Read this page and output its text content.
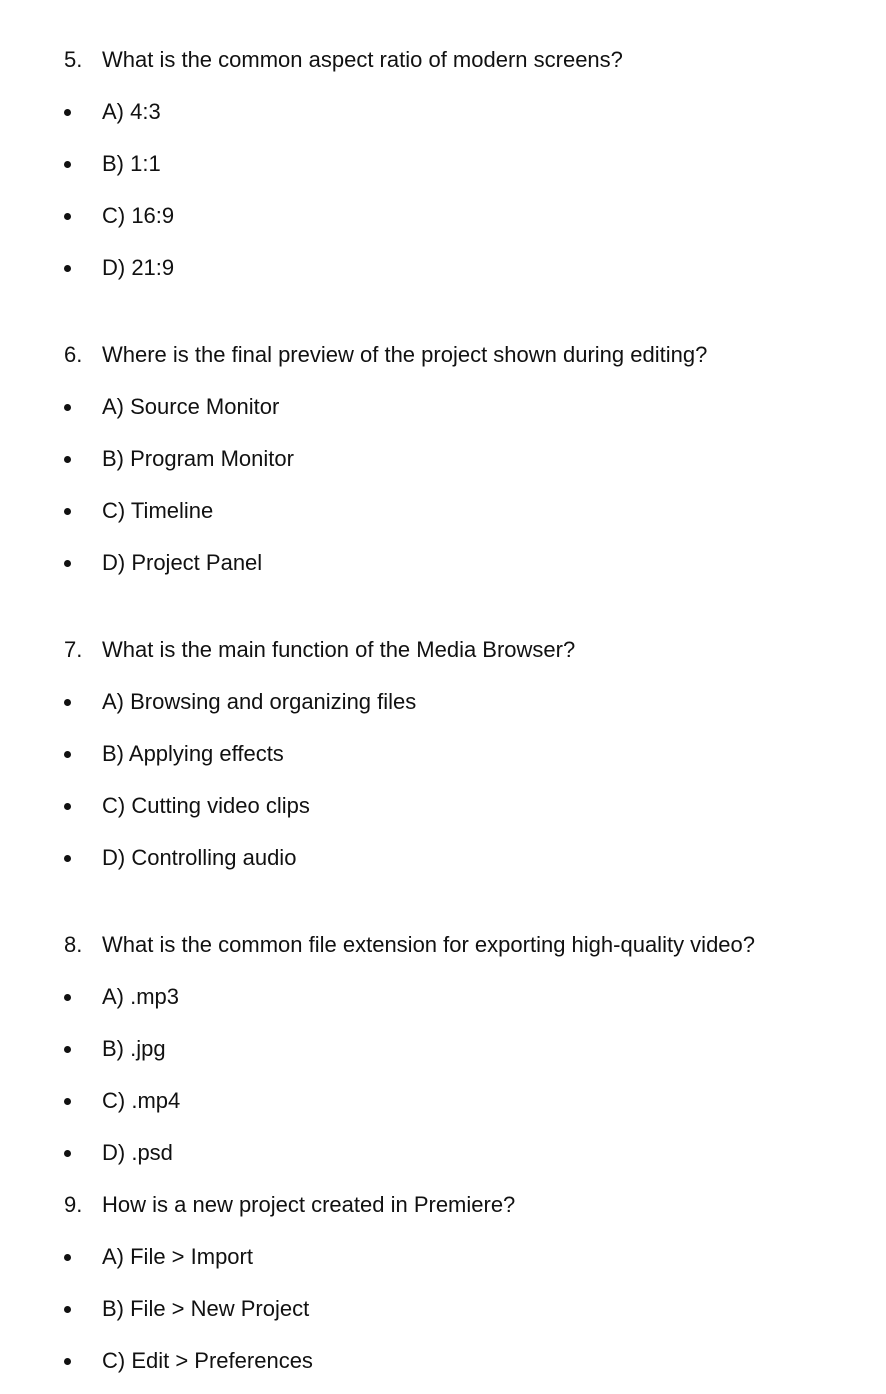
5. What is the common aspect ratio of modern screens?
A) 4:3
B) 1:1
C) 16:9
D) 21:9
6. Where is the final preview of the project shown during editing?
A) Source Monitor
B) Program Monitor
C) Timeline
D) Project Panel
7. What is the main function of the Media Browser?
A) Browsing and organizing files
B) Applying effects
C) Cutting video clips
D) Controlling audio
8. What is the common file extension for exporting high-quality video?
A) .mp3
B) .jpg
C) .mp4
D) .psd
9. How is a new project created in Premiere?
A) File > Import
B) File > New Project
C) Edit > Preferences
